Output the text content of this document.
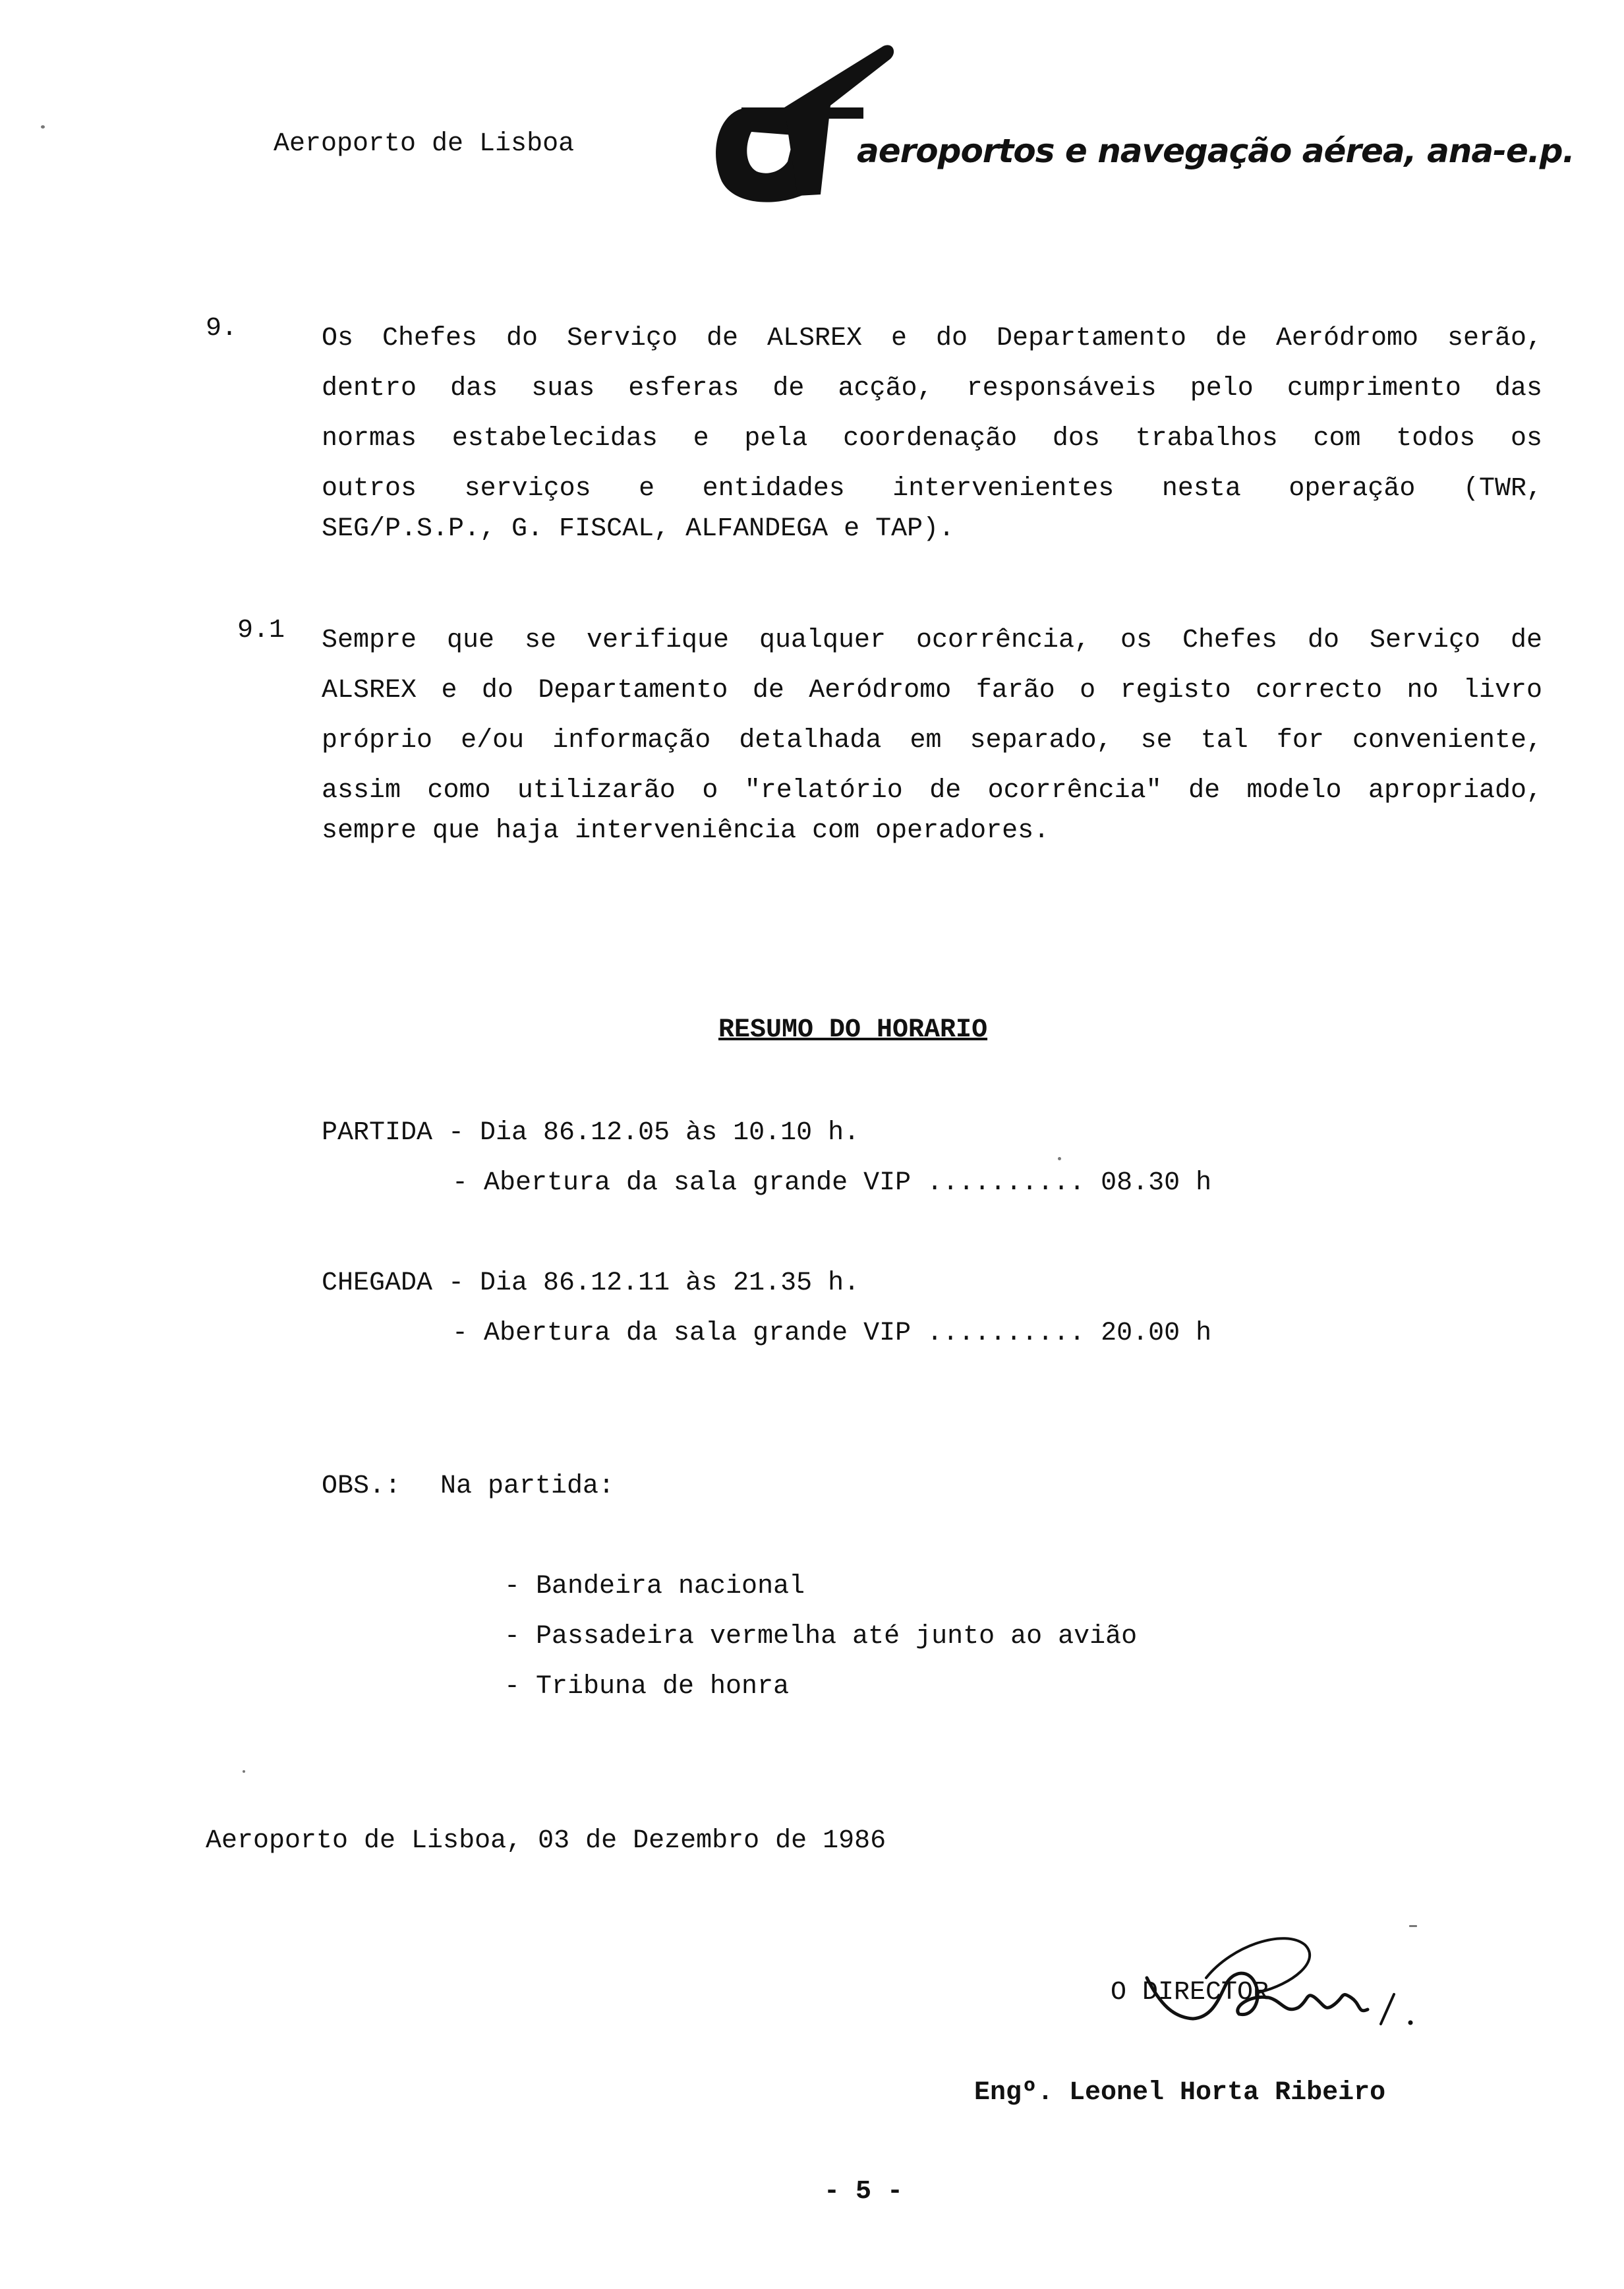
Aeroporto de Lisboa	aeroportos e navegação aérea, ana-e.p.
9.	Os Chefes do Serviço de ALSREX e do Departamento de Aeródromo serão,
dentro das suas esferas de acção, responsáveis pelo cumprimento das
normas estabelecidas e pela coordenação dos trabalhos com todos os
outros serviços e entidades intervenientes nesta operação (TWR,
SEG/P.S.P., G. FISCAL, ALFANDEGA e TAP).
9.1 Sempre que se verifique qualquer ocorrência, os Chefes do Serviço de
ALSREX e do Departamento de Aeródromo farão o registo correcto no livro
próprio e/ou informação detalhada em separado, se tal for conveniente,
assim como utilizarão o "relatório de ocorrência" de modelo apropriado,
sempre que haja interveniência com operadores.
RESUMO DO HORARIO
PARTIDA - Dia 86.12.05 às 10.10 h.
- Abertura da sala grande VIP .......... 08.30 h
CHEGADA - Dia 86.12.11 às 21.35 h.
- Abertura da sala grande VIP .......... 20.00 h
OBS.: Na partida:
- Bandeira nacional
- Passadeira vermelha até junto ao avião
- Tribuna de honra
Aeroporto de Lisboa, 03 de Dezembro de 1986
O DIRECTOR
Engº. Leonel Horta Ribeiro
- 5 -
